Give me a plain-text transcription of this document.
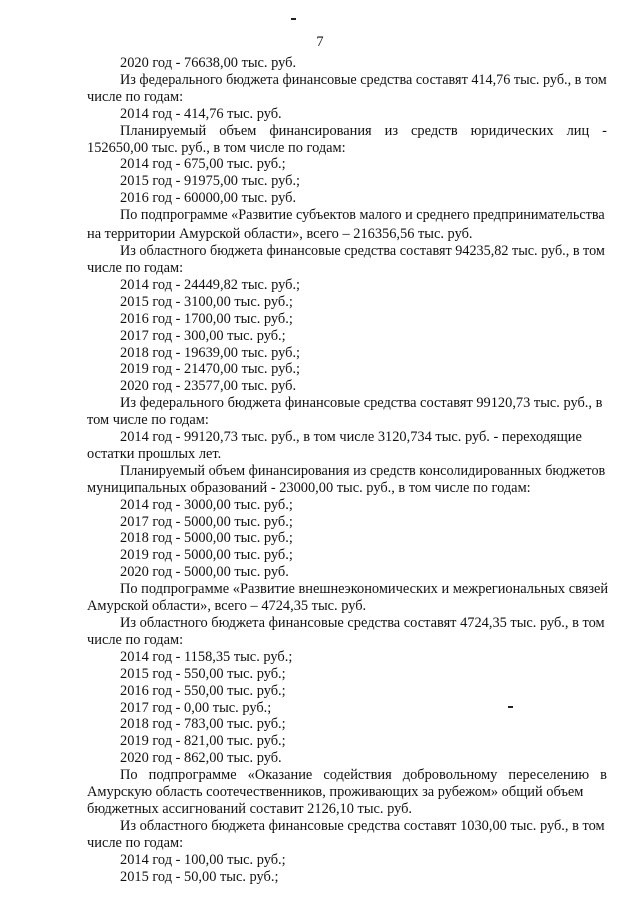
7
2020 год - 76638,00 тыс. руб.
Из федерального бюджета финансовые средства составят 414,76 тыс. руб., в том
числе по годам:
2014 год - 414,76 тыс. руб.
Планируемый объем финансирования из средств юридических лиц -
152650,00 тыс. руб., в том числе по годам:
2014 год - 675,00 тыс. руб.;
2015 год - 91975,00 тыс. руб.;
2016 год - 60000,00 тыс. руб.
По подпрограмме «Развитие субъектов малого и среднего предпринимательства
на территории Амурской области», всего – 216356,56 тыс. руб.
Из областного бюджета финансовые средства составят 94235,82 тыс. руб., в том
числе по годам:
2014 год - 24449,82 тыс. руб.;
2015 год - 3100,00 тыс. руб.;
2016 год - 1700,00 тыс. руб.;
2017 год - 300,00 тыс. руб.;
2018 год - 19639,00 тыс. руб.;
2019 год - 21470,00 тыс. руб.;
2020 год - 23577,00 тыс. руб.
Из федерального бюджета финансовые средства составят 99120,73 тыс. руб., в
том числе по годам:
2014 год - 99120,73 тыс. руб., в том числе 3120,734 тыс. руб. - переходящие
остатки прошлых лет.
Планируемый объем финансирования из средств консолидированных бюджетов
муниципальных образований - 23000,00 тыс. руб., в том числе по годам:
2014 год - 3000,00 тыс. руб.;
2017 год - 5000,00 тыс. руб.;
2018 год - 5000,00 тыс. руб.;
2019 год - 5000,00 тыс. руб.;
2020 год - 5000,00 тыс. руб.
По подпрограмме «Развитие внешнеэкономических и межрегиональных связей
Амурской области», всего – 4724,35 тыс. руб.
Из областного бюджета финансовые средства составят 4724,35 тыс. руб., в том
числе по годам:
2014 год - 1158,35 тыс. руб.;
2015 год - 550,00 тыс. руб.;
2016 год - 550,00 тыс. руб.;
2017 год - 0,00 тыс. руб.;
2018 год - 783,00 тыс. руб.;
2019 год - 821,00 тыс. руб.;
2020 год - 862,00 тыс. руб.
По подпрограмме «Оказание содействия добровольному переселению в
Амурскую область соотечественников, проживающих за рубежом» общий объем
бюджетных ассигнований составит 2126,10 тыс. руб.
Из областного бюджета финансовые средства составят 1030,00 тыс. руб., в том
числе по годам:
2014 год - 100,00 тыс. руб.;
2015 год - 50,00 тыс. руб.;
